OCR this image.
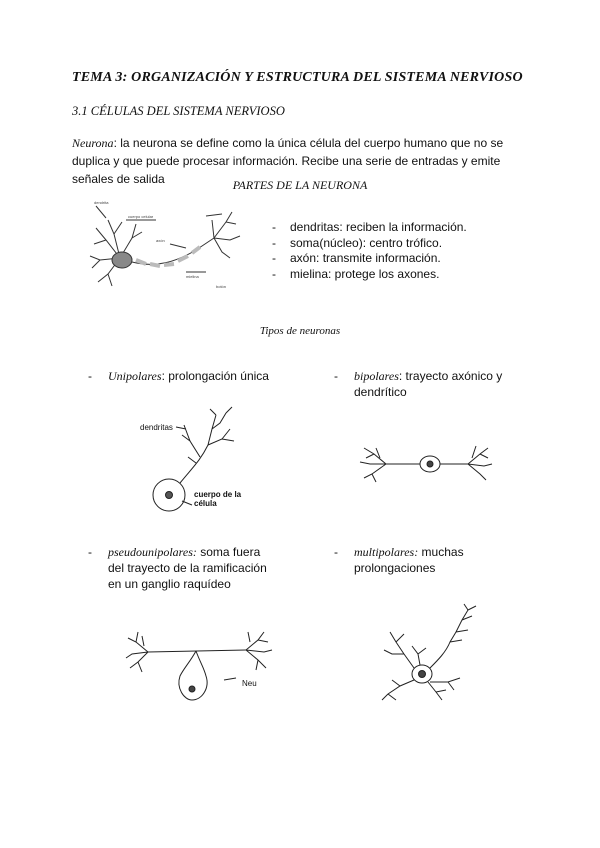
TEMA 3: ORGANIZACIÓN Y ESTRUCTURA DEL SISTEMA NERVIOSO
3.1 CÉLULAS DEL SISTEMA NERVIOSO
Neurona: la neurona se define como la única célula del cuerpo humano que no se duplica y que puede procesar información. Recibe una serie de entradas y emite señales de salida	PARTES DE LA NEURONA
dendrita
cuerpo celular
axón
mielina
botón
- dendritas: reciben la información.
- soma(núcleo): centro trófico.
- axón: transmite información.
- mielina: protege los axones.
Tipos de neuronas
- Unipolares: prolongación única	- bipolares: trayecto axónico y dendrítico
- pseudounipolares: soma fuera del trayecto de la ramificación en un ganglio raquídeo
- multipolares: muchas prolongaciones
dendritas
cuerpo de la
célula
Neu
